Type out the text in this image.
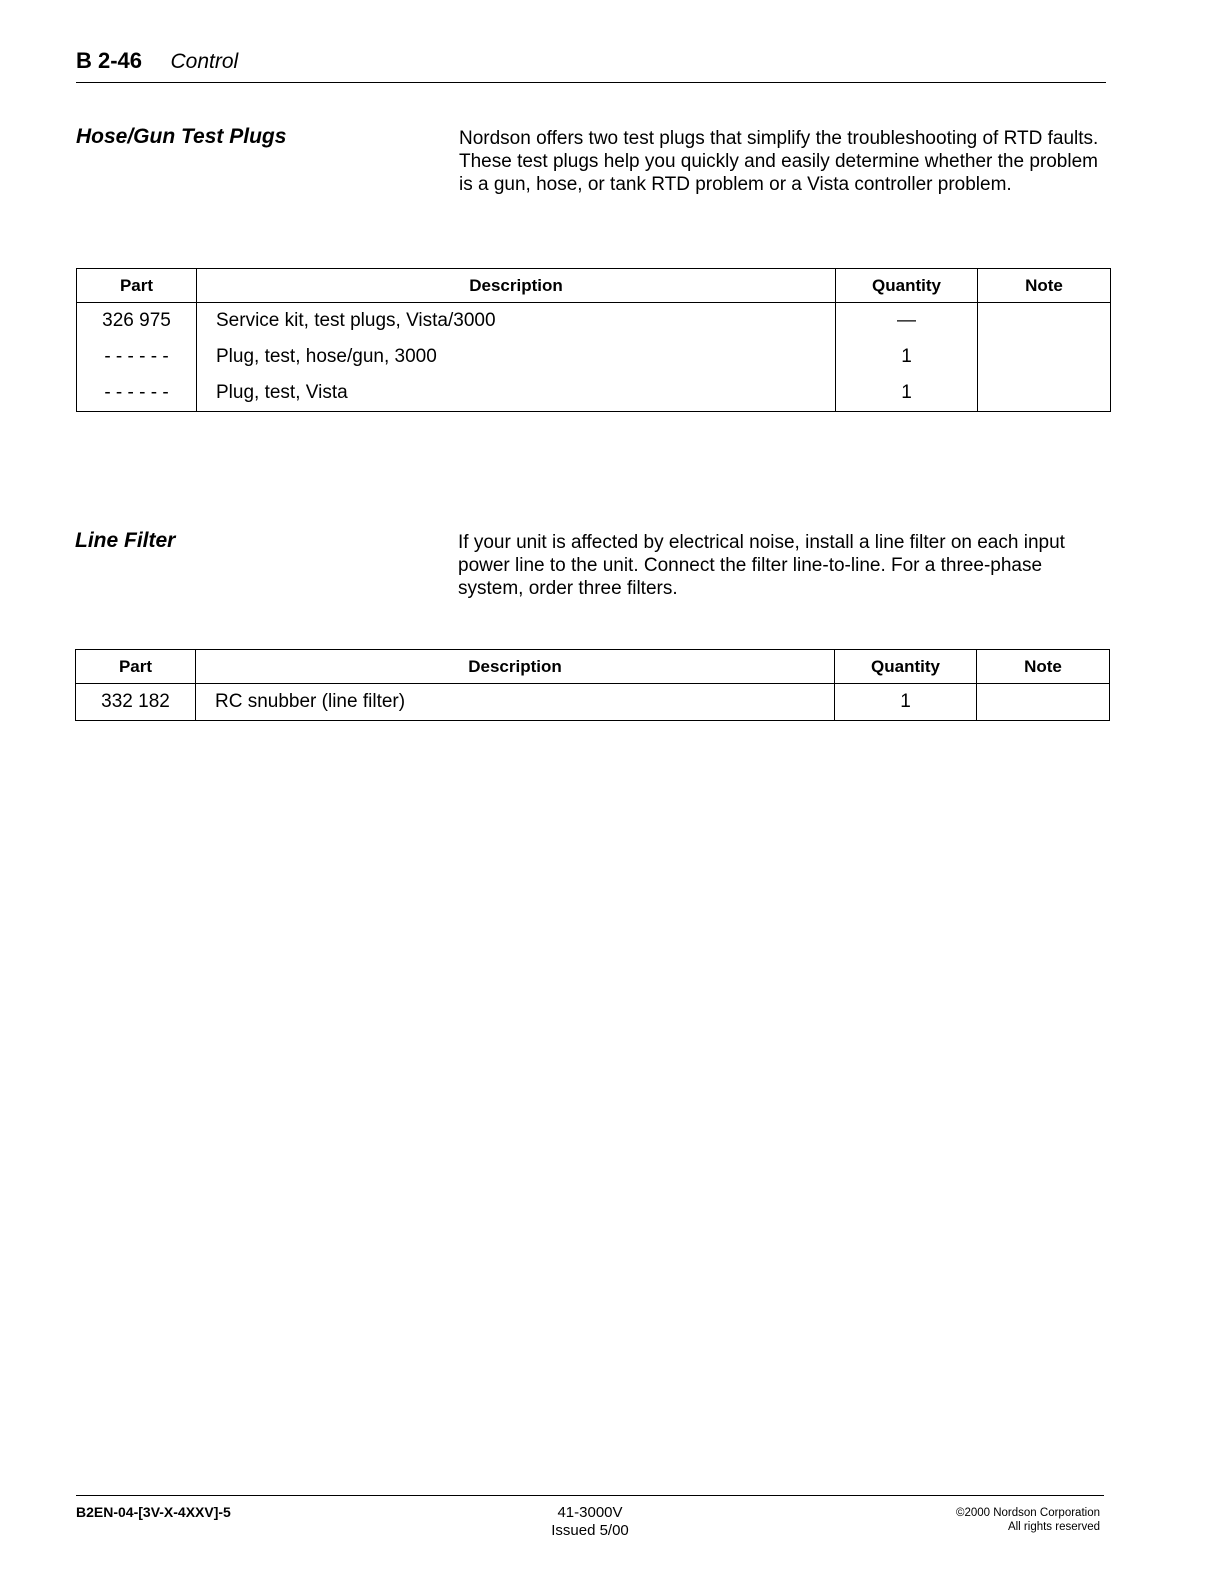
B 2-46 Control
Hose/Gun Test Plugs	Nordson offers two test plugs that simplify the troubleshooting of RTD faults. These test plugs help you quickly and easily determine whether the problem is a gun, hose, or tank RTD problem or a Vista controller problem.
Part	Description	Quantity	Note
326 975	Service kit, test plugs, Vista/3000	—	
- - - - - -	Plug, test, hose/gun, 3000	1	
- - - - - -	Plug, test, Vista	1	
Line Filter	If your unit is affected by electrical noise, install a line filter on each input power line to the unit. Connect the filter line-to-line. For a three-phase system, order three filters.
Part	Description	Quantity	Note
332 182	RC snubber (line filter)	1	
B2EN-04-[3V-X-4XXV]-5	41-3000V
Issued 5/00
©2000 Nordson Corporation
All rights reserved
